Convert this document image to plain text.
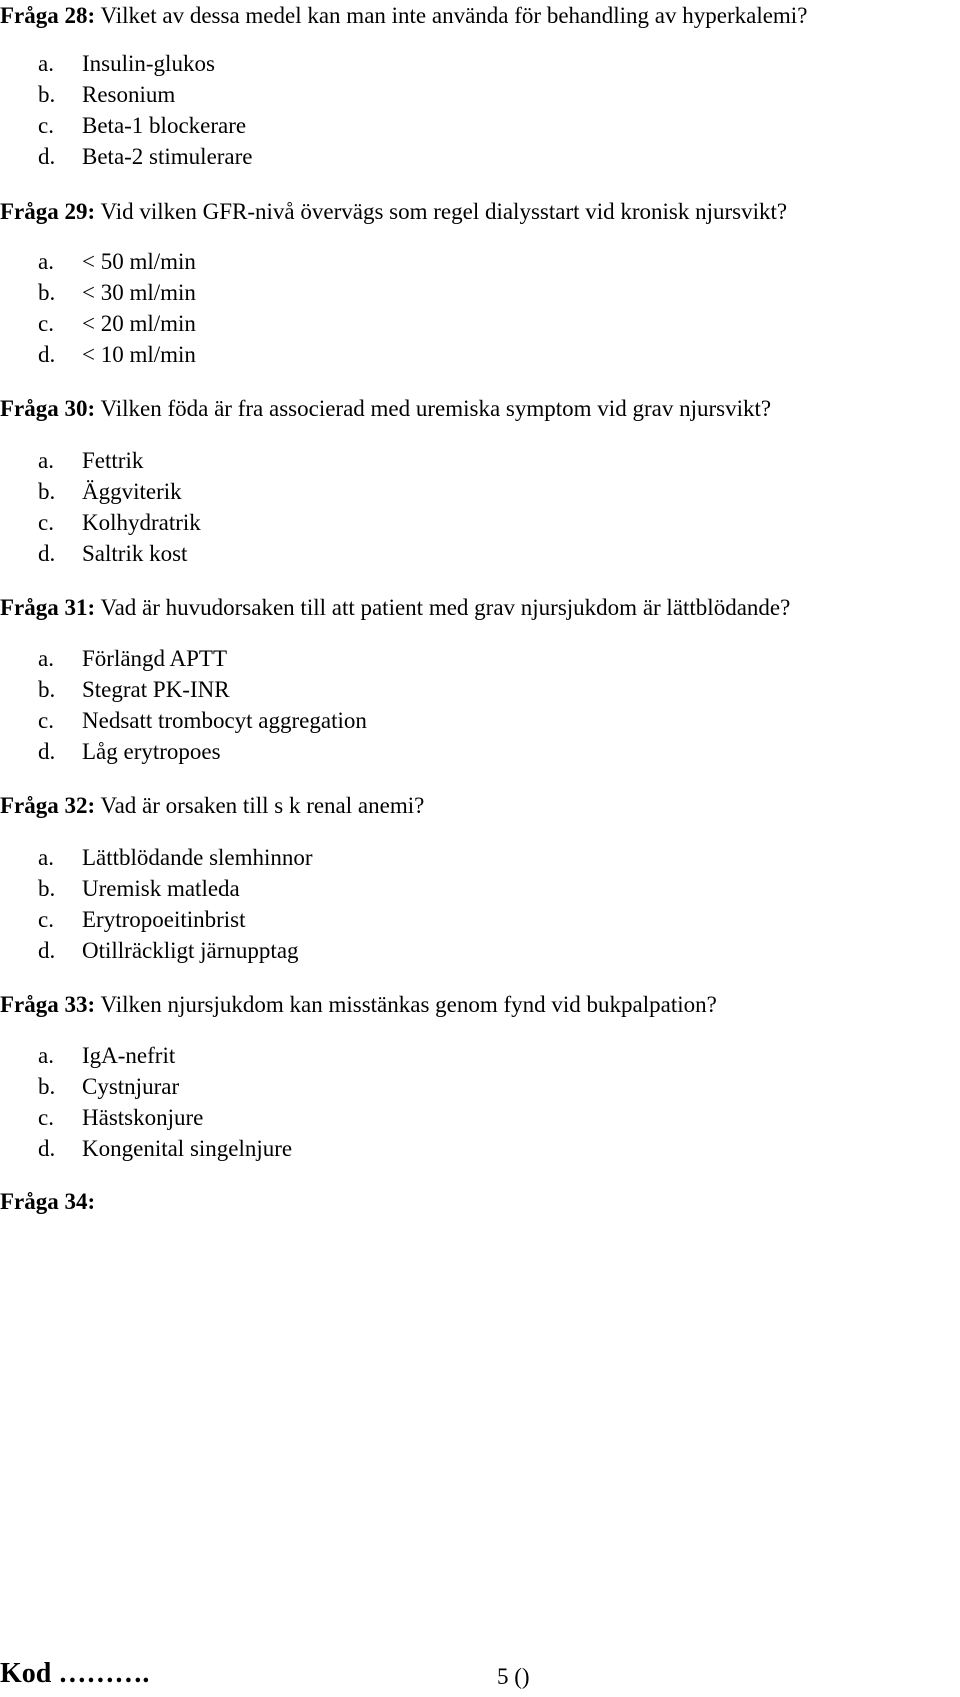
Fråga 28: Vilket av dessa medel kan man inte använda för behandling av hyperkalemi?

a. Insulin-glukos
b. Resonium
c. Beta-1 blockerare
d. Beta-2 stimulerare

Fråga 29: Vid vilken GFR-nivå övervägs som regel dialysstart vid kronisk njursvikt?

a. < 50 ml/min
b. < 30 ml/min
c. < 20 ml/min
d. < 10 ml/min

Fråga 30: Vilken föda är fra associerad med uremiska symptom vid grav njursvikt?

a. Fettrik
b. Äggviterik
c. Kolhydratrik
d. Saltrik kost

Fråga 31: Vad är huvudorsaken till att patient med grav njursjukdom är lättblödande?

a. Förlängd APTT
b. Stegrat PK-INR
c. Nedsatt trombocyt aggregation
d. Låg erytropoes

Fråga 32: Vad är orsaken till s k renal anemi?

a. Lättblödande slemhinnor
b. Uremisk matleda
c. Erytropoeitinbrist
d. Otillräckligt järnupptag

Fråga 33: Vilken njursjukdom kan misstänkas genom fynd vid bukpalpation?

a. IgA-nefrit
b. Cystnjurar
c. Hästskonjure
d. Kongenital singelnjure

Fråga 34:

Kod ……….	5 ()
